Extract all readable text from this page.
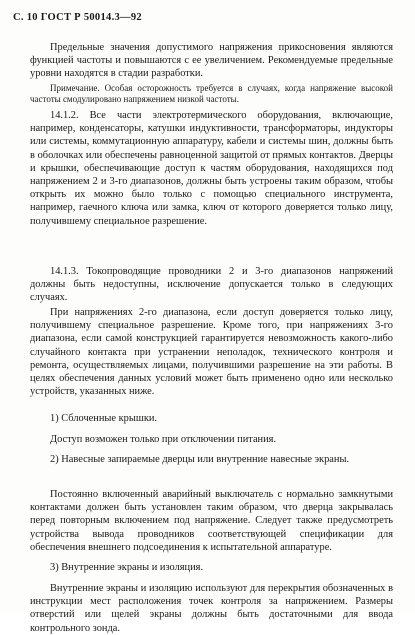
С. 10 ГОСТ Р 50014.3—92

Предельные значения допустимого напряжения прикосновения являются функцией частоты и повышаются с ее увеличением. Рекомендуемые предельные уровни находятся в стадии разработки.

Примечание. Особая осторожность требуется в случаях, когда напряжение высокой частоты смодулировано напряжением низкой частоты.

14.1.2. Все части электротермического оборудования, включающие, например, конденсаторы, катушки индуктивности, трансформаторы, индукторы или системы, коммутационную аппаратуру, кабели и системы шин, должны быть в оболочках или обеспечены равноценной защитой от прямых контактов. Дверцы и крышки, обеспечивающие доступ к частям оборудования, находящихся под напряжением 2 и 3-го диапазонов, должны быть устроены таким образом, чтобы открыть их можно было только с помощью специального инструмента, например, гаечного ключа или замка, ключ от которого доверяется только лицу, получившему специальное разрешение.

14.1.3. Токопроводящие проводники 2 и 3-го диапазонов напряжений должны быть недоступны, исключение допускается только в следующих случаях.

При напряжениях 2-го диапазона, если доступ доверяется только лицу, получившему специальное разрешение. Кроме того, при напряжениях 3-го диапазона, если самой конструкцией гарантируется невозможность какого-либо случайного контакта при устранении неполадок, технического контроля и ремонта, осуществляемых лицами, получившими разрешение на эти работы. В целях обеспечения данных условий может быть применено одно или несколько устройств, указанных ниже.

1) Сблоченные крышки.

Доступ возможен только при отключении питания.

2) Навесные запираемые дверцы или внутренние навесные экраны.

Постоянно включенный аварийный выключатель с нормально замкнутыми контактами должен быть установлен таким образом, что дверца закрывалась перед повторным включением под напряжение. Следует также предусмотреть устройства вывода проводников соответствующей спецификации для обеспечения внешнего подсоединения к испытательной аппаратуре.

3) Внутренние экраны и изоляция.

Внутренние экраны и изоляцию используют для перекрытия обозначенных в инструкции мест расположения точек контроля за напряжением. Размеры отверстий или щелей экраны должны быть достаточными для ввода контрольного зонда.
